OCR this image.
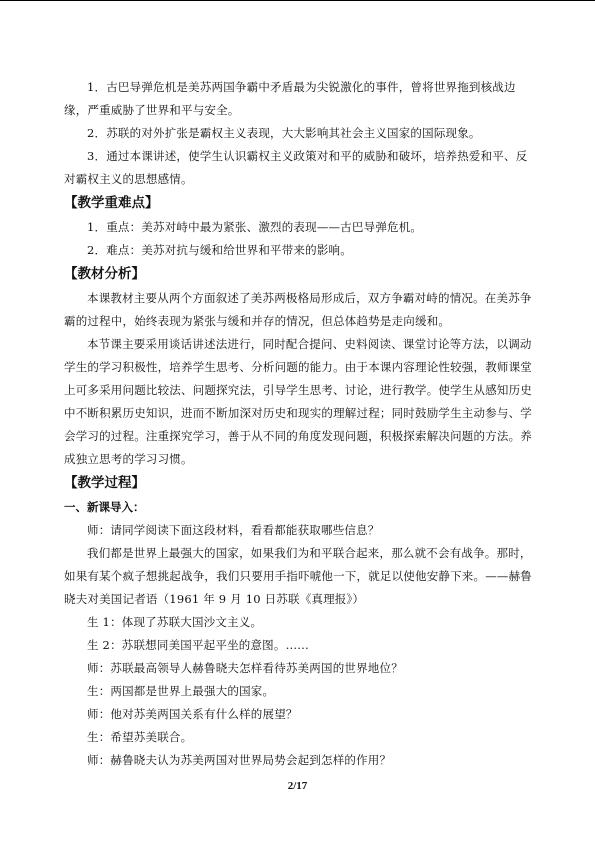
1．古巴导弹危机是美苏两国争霸中矛盾最为尖锐激化的事件，曾将世界拖到核战边缘，严重威胁了世界和平与安全。

2．苏联的对外扩张是霸权主义表现，大大影响其社会主义国家的国际现象。

3．通过本课讲述，使学生认识霸权主义政策对和平的威胁和破坏，培养热爱和平、反对霸权主义的思想感情。

【教学重难点】

1．重点：美苏对峙中最为紧张、激烈的表现——古巴导弹危机。

2．难点：美苏对抗与缓和给世界和平带来的影响。

【教材分析】

本课教材主要从两个方面叙述了美苏两极格局形成后，双方争霸对峙的情况。在美苏争霸的过程中，始终表现为紧张与缓和并存的情况，但总体趋势是走向缓和。

本节课主要采用谈话讲述法进行，同时配合提问、史料阅读、课堂讨论等方法，以调动学生的学习积极性，培养学生思考、分析问题的能力。由于本课内容理论性较强，教师课堂上可多采用问题比较法、问题探究法，引导学生思考、讨论，进行教学。使学生从感知历史中不断积累历史知识，进而不断加深对历史和现实的理解过程；同时鼓励学生主动参与、学会学习的过程。注重探究学习，善于从不同的角度发现问题，积极探索解决问题的方法。养成独立思考的学习习惯。

【教学过程】
一、新课导入：

师：请同学阅读下面这段材料，看看都能获取哪些信息？

我们都是世界上最强大的国家，如果我们为和平联合起来，那么就不会有战争。那时，如果有某个疯子想挑起战争，我们只要用手指吓唬他一下，就足以使他安静下来。——赫鲁晓夫对美国记者语（1961 年 9 月 10 日苏联《真理报》）

生 1：体现了苏联大国沙文主义。

生 2：苏联想同美国平起平坐的意图。……

师：苏联最高领导人赫鲁晓夫怎样看待苏美两国的世界地位？

生：两国都是世界上最强大的国家。

师：他对苏美两国关系有什么样的展望？

生：希望苏美联合。

师：赫鲁晓夫认为苏美两国对世界局势会起到怎样的作用？

2/17
